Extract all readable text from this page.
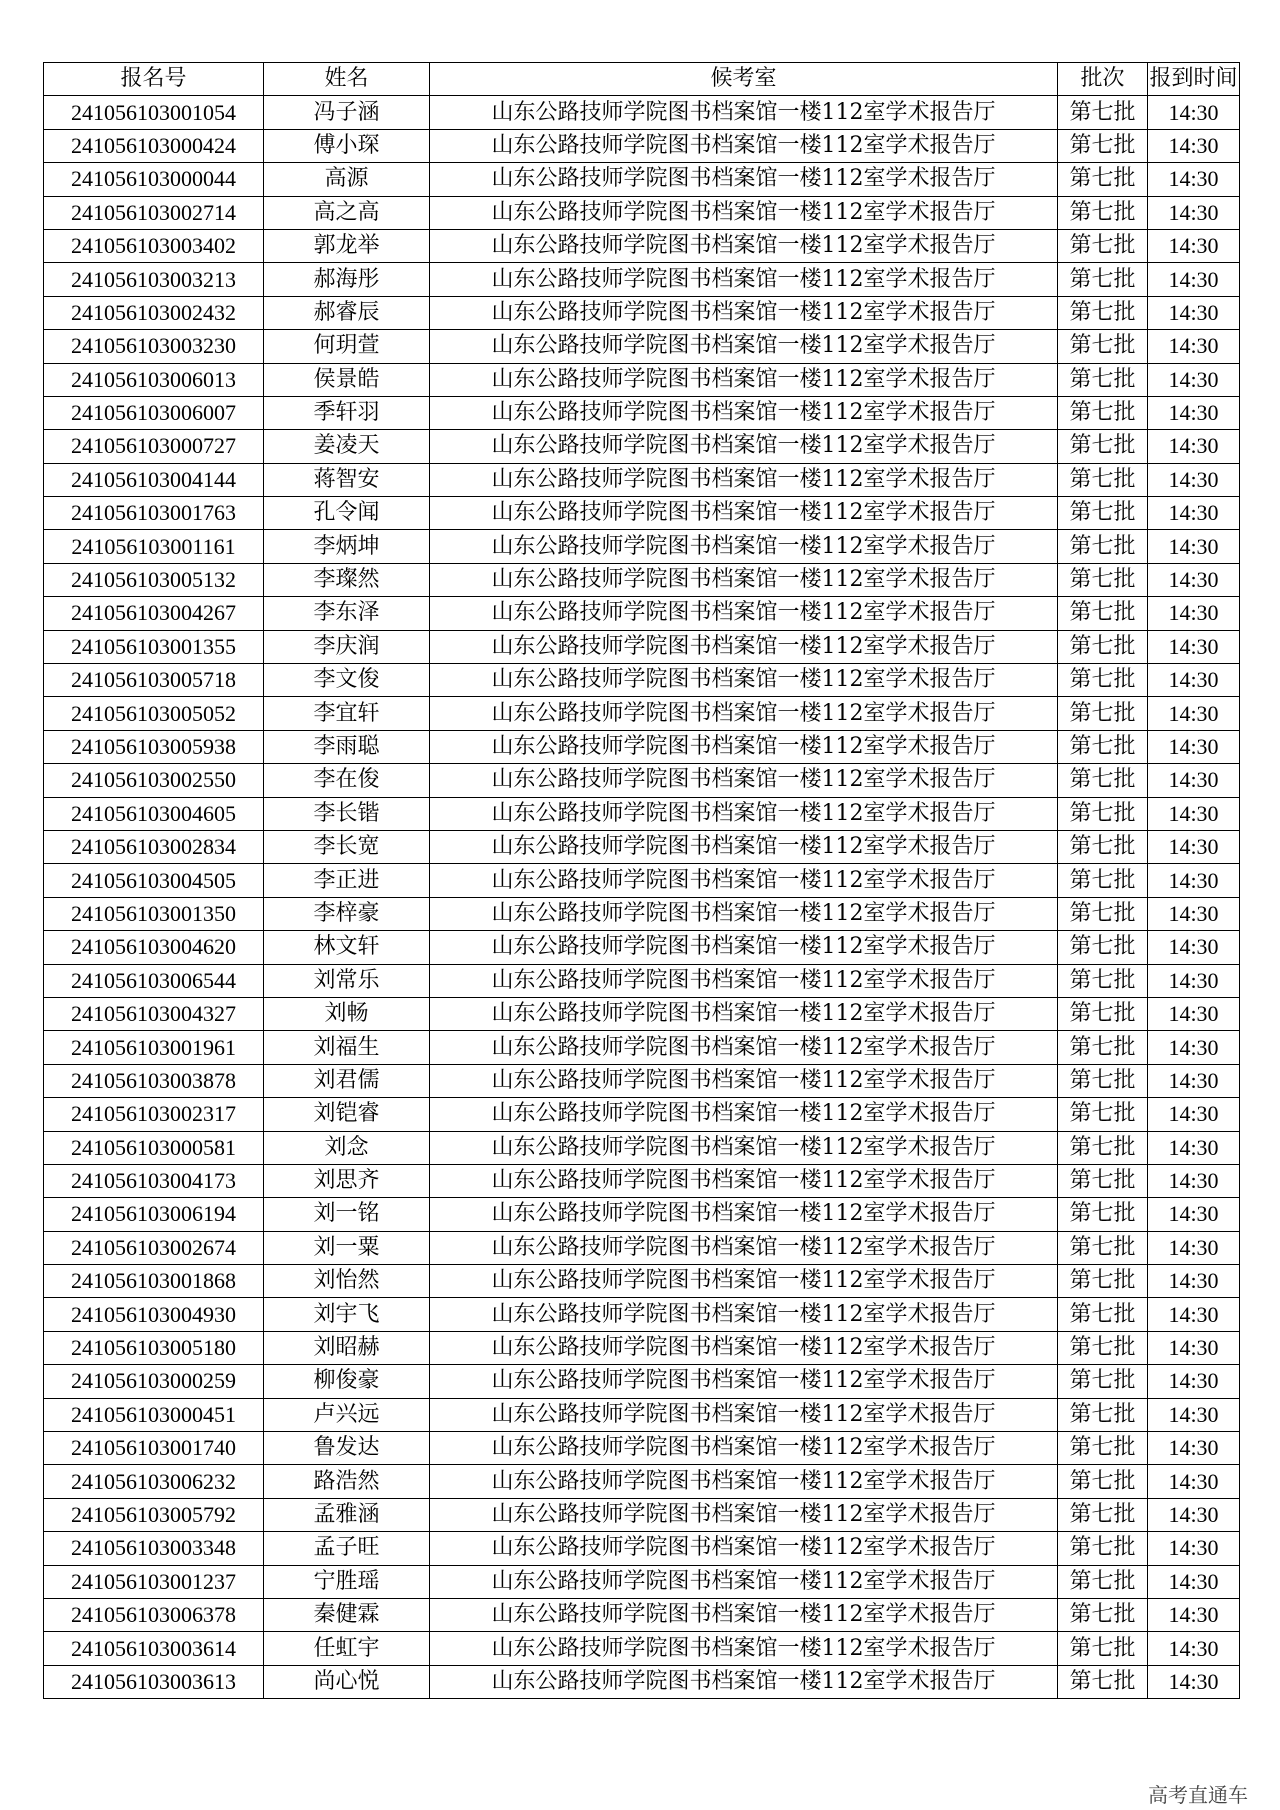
报名号	姓名	候考室	批次	报到时间
241056103001054	冯子涵	山东公路技师学院图书档案馆一楼112室学术报告厅	第七批	14:30
241056103000424	傅小琛	山东公路技师学院图书档案馆一楼112室学术报告厅	第七批	14:30
241056103000044	高源	山东公路技师学院图书档案馆一楼112室学术报告厅	第七批	14:30
241056103002714	高之高	山东公路技师学院图书档案馆一楼112室学术报告厅	第七批	14:30
241056103003402	郭龙举	山东公路技师学院图书档案馆一楼112室学术报告厅	第七批	14:30
241056103003213	郝海彤	山东公路技师学院图书档案馆一楼112室学术报告厅	第七批	14:30
241056103002432	郝睿辰	山东公路技师学院图书档案馆一楼112室学术报告厅	第七批	14:30
241056103003230	何玥萱	山东公路技师学院图书档案馆一楼112室学术报告厅	第七批	14:30
241056103006013	侯景皓	山东公路技师学院图书档案馆一楼112室学术报告厅	第七批	14:30
241056103006007	季轩羽	山东公路技师学院图书档案馆一楼112室学术报告厅	第七批	14:30
241056103000727	姜凌天	山东公路技师学院图书档案馆一楼112室学术报告厅	第七批	14:30
241056103004144	蒋智安	山东公路技师学院图书档案馆一楼112室学术报告厅	第七批	14:30
241056103001763	孔令闻	山东公路技师学院图书档案馆一楼112室学术报告厅	第七批	14:30
241056103001161	李炳坤	山东公路技师学院图书档案馆一楼112室学术报告厅	第七批	14:30
241056103005132	李璨然	山东公路技师学院图书档案馆一楼112室学术报告厅	第七批	14:30
241056103004267	李东泽	山东公路技师学院图书档案馆一楼112室学术报告厅	第七批	14:30
241056103001355	李庆润	山东公路技师学院图书档案馆一楼112室学术报告厅	第七批	14:30
241056103005718	李文俊	山东公路技师学院图书档案馆一楼112室学术报告厅	第七批	14:30
241056103005052	李宜轩	山东公路技师学院图书档案馆一楼112室学术报告厅	第七批	14:30
241056103005938	李雨聪	山东公路技师学院图书档案馆一楼112室学术报告厅	第七批	14:30
241056103002550	李在俊	山东公路技师学院图书档案馆一楼112室学术报告厅	第七批	14:30
241056103004605	李长锴	山东公路技师学院图书档案馆一楼112室学术报告厅	第七批	14:30
241056103002834	李长宽	山东公路技师学院图书档案馆一楼112室学术报告厅	第七批	14:30
241056103004505	李正进	山东公路技师学院图书档案馆一楼112室学术报告厅	第七批	14:30
241056103001350	李梓豪	山东公路技师学院图书档案馆一楼112室学术报告厅	第七批	14:30
241056103004620	林文轩	山东公路技师学院图书档案馆一楼112室学术报告厅	第七批	14:30
241056103006544	刘常乐	山东公路技师学院图书档案馆一楼112室学术报告厅	第七批	14:30
241056103004327	刘畅	山东公路技师学院图书档案馆一楼112室学术报告厅	第七批	14:30
241056103001961	刘福生	山东公路技师学院图书档案馆一楼112室学术报告厅	第七批	14:30
241056103003878	刘君儒	山东公路技师学院图书档案馆一楼112室学术报告厅	第七批	14:30
241056103002317	刘铠睿	山东公路技师学院图书档案馆一楼112室学术报告厅	第七批	14:30
241056103000581	刘念	山东公路技师学院图书档案馆一楼112室学术报告厅	第七批	14:30
241056103004173	刘思齐	山东公路技师学院图书档案馆一楼112室学术报告厅	第七批	14:30
241056103006194	刘一铭	山东公路技师学院图书档案馆一楼112室学术报告厅	第七批	14:30
241056103002674	刘一粟	山东公路技师学院图书档案馆一楼112室学术报告厅	第七批	14:30
241056103001868	刘怡然	山东公路技师学院图书档案馆一楼112室学术报告厅	第七批	14:30
241056103004930	刘宇飞	山东公路技师学院图书档案馆一楼112室学术报告厅	第七批	14:30
241056103005180	刘昭赫	山东公路技师学院图书档案馆一楼112室学术报告厅	第七批	14:30
241056103000259	柳俊豪	山东公路技师学院图书档案馆一楼112室学术报告厅	第七批	14:30
241056103000451	卢兴远	山东公路技师学院图书档案馆一楼112室学术报告厅	第七批	14:30
241056103001740	鲁发达	山东公路技师学院图书档案馆一楼112室学术报告厅	第七批	14:30
241056103006232	路浩然	山东公路技师学院图书档案馆一楼112室学术报告厅	第七批	14:30
241056103005792	孟雅涵	山东公路技师学院图书档案馆一楼112室学术报告厅	第七批	14:30
241056103003348	孟子旺	山东公路技师学院图书档案馆一楼112室学术报告厅	第七批	14:30
241056103001237	宁胜瑶	山东公路技师学院图书档案馆一楼112室学术报告厅	第七批	14:30
241056103006378	秦健霖	山东公路技师学院图书档案馆一楼112室学术报告厅	第七批	14:30
241056103003614	任虹宇	山东公路技师学院图书档案馆一楼112室学术报告厅	第七批	14:30
241056103003613	尚心悦	山东公路技师学院图书档案馆一楼112室学术报告厅	第七批	14:30
高考直通车
